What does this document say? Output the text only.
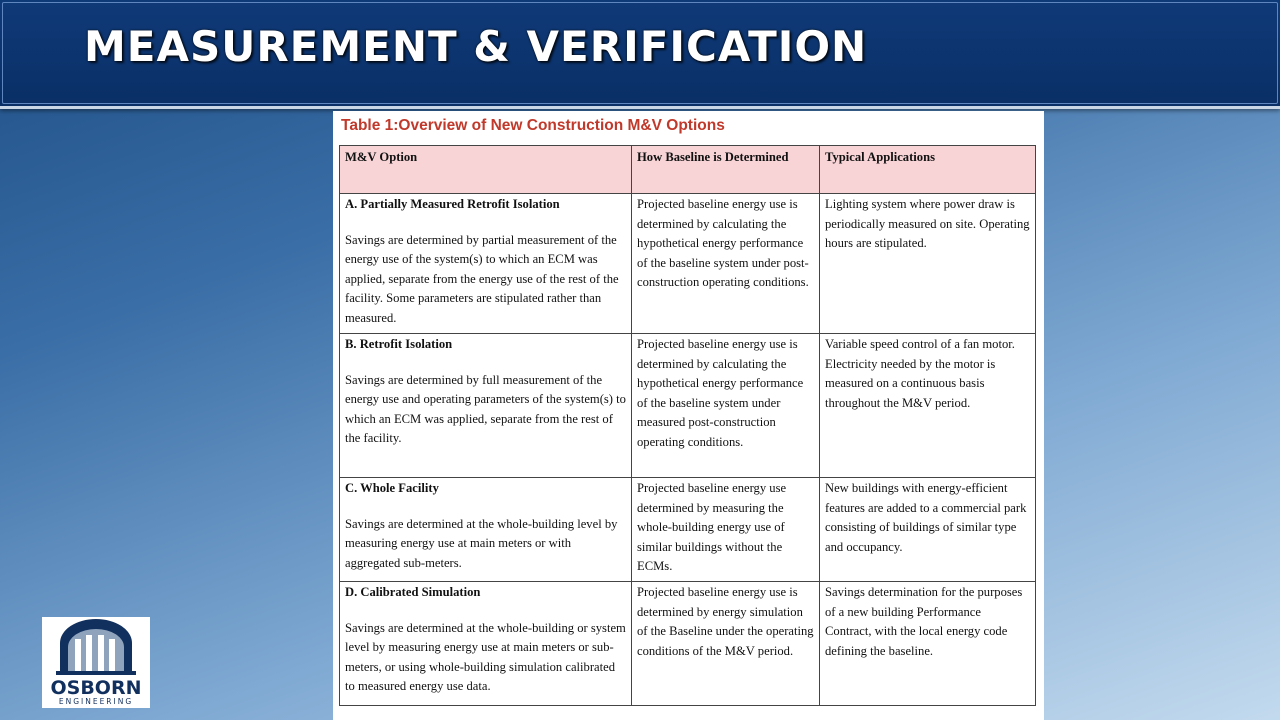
MEASUREMENT & VERIFICATION
Table 1:Overview of New Construction M&V Options
M&V Option	How Baseline is Determined	Typical Applications

A. Partially Measured Retrofit Isolation
Savings are determined by partial measurement of the energy use of the system(s) to which an ECM was applied, separate from the energy use of the rest of the facility. Some parameters are stipulated rather than measured.	Projected baseline energy use is determined by calculating the hypothetical energy performance of the baseline system under post-construction operating conditions.	Lighting system where power draw is periodically measured on site. Operating hours are stipulated.

B. Retrofit Isolation
Savings are determined by full measurement of the energy use and operating parameters of the system(s) to which an ECM was applied, separate from the rest of the facility.	Projected baseline energy use is determined by calculating the hypothetical energy performance of the baseline system under measured post-construction operating conditions.	Variable speed control of a fan motor. Electricity needed by the motor is measured on a continuous basis throughout the M&V period.

C. Whole Facility
Savings are determined at the whole-building level by measuring energy use at main meters or with aggregated sub-meters.	Projected baseline energy use determined by measuring the whole-building energy use of similar buildings without the ECMs.	New buildings with energy-efficient features are added to a commercial park consisting of buildings of similar type and occupancy.

D. Calibrated Simulation
Savings are determined at the whole-building or system level by measuring energy use at main meters or sub-meters, or using whole-building simulation calibrated to measured energy use data.	Projected baseline energy use is determined by energy simulation of the Baseline under the operating conditions of the M&V period.	Savings determination for the purposes of a new building Performance Contract, with the local energy code defining the baseline.
OSBORN
ENGINEERING
